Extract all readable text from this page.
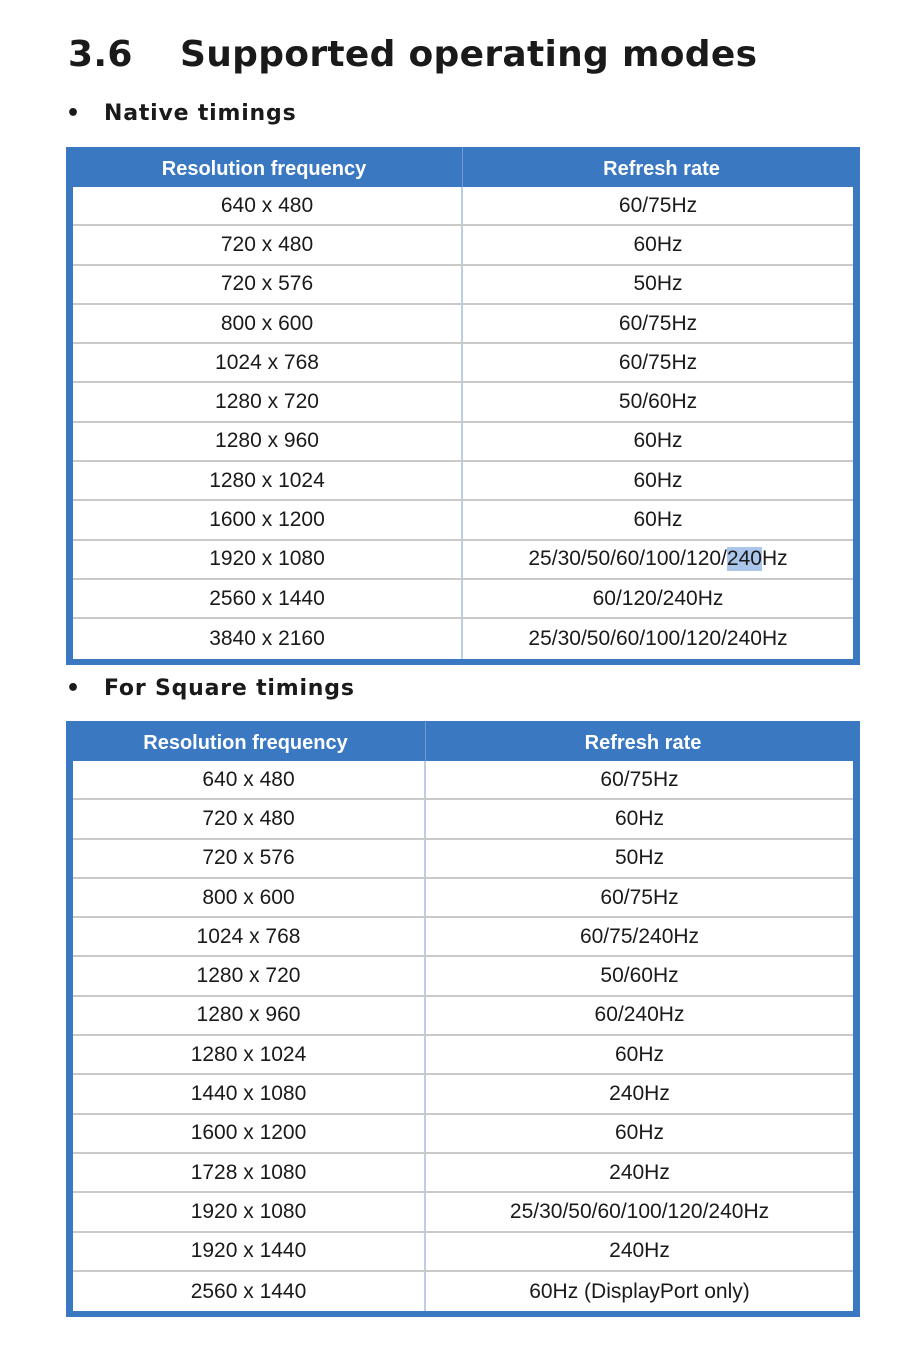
3.6	Supported operating modes
•	Native timings
Resolution frequency	Refresh rate
640 x 480	60/75Hz
720 x 480	60Hz
720 x 576	50Hz
800 x 600	60/75Hz
1024 x 768	60/75Hz
1280 x 720	50/60Hz
1280 x 960	60Hz
1280 x 1024	60Hz
1600 x 1200	60Hz
1920 x 1080	25/30/50/60/100/120/ 240 Hz
2560 x 1440	60/120/240Hz
3840 x 2160	25/30/50/60/100/120/240Hz
•	For Square timings
Resolution frequency	Refresh rate
640 x 480	60/75Hz
720 x 480	60Hz
720 x 576	50Hz
800 x 600	60/75Hz
1024 x 768	60/75/240Hz
1280 x 720	50/60Hz
1280 x 960	60/240Hz
1280 x 1024	60Hz
1440 x 1080	240Hz
1600 x 1200	60Hz
1728 x 1080	240Hz
1920 x 1080	25/30/50/60/100/120/240Hz
1920 x 1440	240Hz
2560 x 1440	60Hz (DisplayPort only)
